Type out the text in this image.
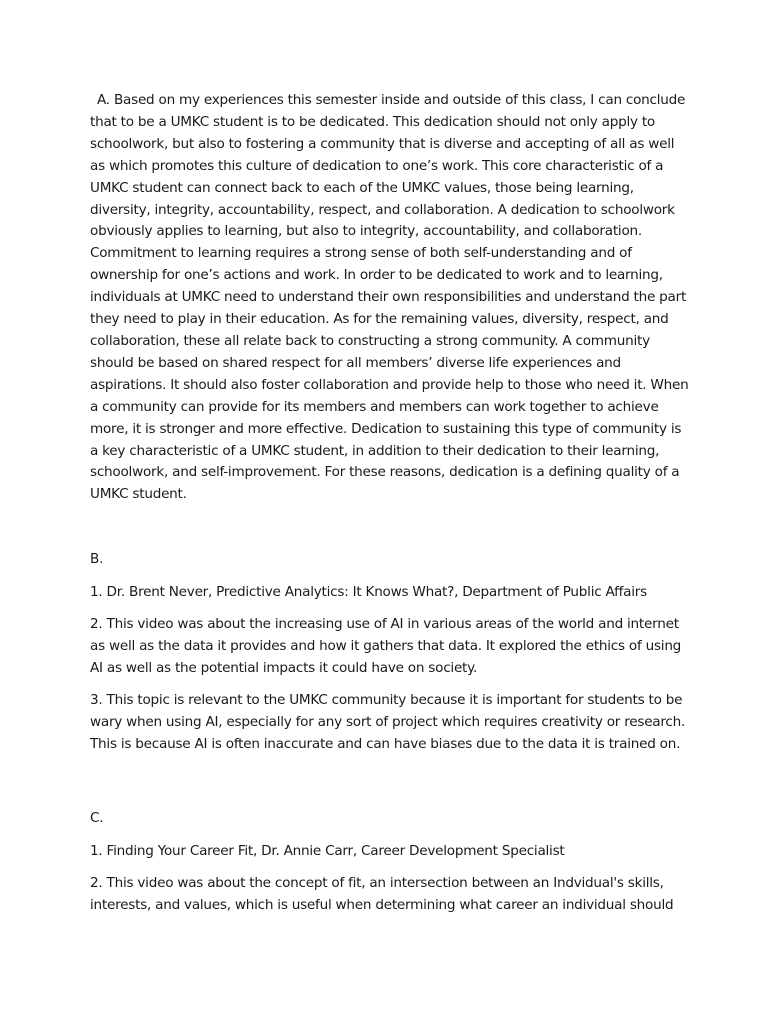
A. Based on my experiences this semester inside and outside of this class, I can conclude that to be a UMKC student is to be dedicated. This dedication should not only apply to schoolwork, but also to fostering a community that is diverse and accepting of all as well as which promotes this culture of dedication to one’s work. This core characteristic of a UMKC student can connect back to each of the UMKC values, those being learning, diversity, integrity, accountability, respect, and collaboration. A dedication to schoolwork obviously applies to learning, but also to integrity, accountability, and collaboration. Commitment to learning requires a strong sense of both self-understanding and of ownership for one’s actions and work. In order to be dedicated to work and to learning, individuals at UMKC need to understand their own responsibilities and understand the part they need to play in their education. As for the remaining values, diversity, respect, and collaboration, these all relate back to constructing a strong community. A community should be based on shared respect for all members’ diverse life experiences and aspirations. It should also foster collaboration and provide help to those who need it. When a community can provide for its members and members can work together to achieve more, it is stronger and more effective. Dedication to sustaining this type of community is a key characteristic of a UMKC student, in addition to their dedication to their learning, schoolwork, and self-improvement. For these reasons, dedication is a defining quality of a UMKC student.

B.

1. Dr. Brent Never, Predictive Analytics: It Knows What?, Department of Public Affairs

2. This video was about the increasing use of AI in various areas of the world and internet as well as the data it provides and how it gathers that data. It explored the ethics of using AI as well as the potential impacts it could have on society.

3. This topic is relevant to the UMKC community because it is important for students to be wary when using AI, especially for any sort of project which requires creativity or research. This is because AI is often inaccurate and can have biases due to the data it is trained on.

C.

1. Finding Your Career Fit, Dr. Annie Carr, Career Development Specialist

2. This video was about the concept of fit, an intersection between an Indvidual's skills, interests, and values, which is useful when determining what career an individual should
